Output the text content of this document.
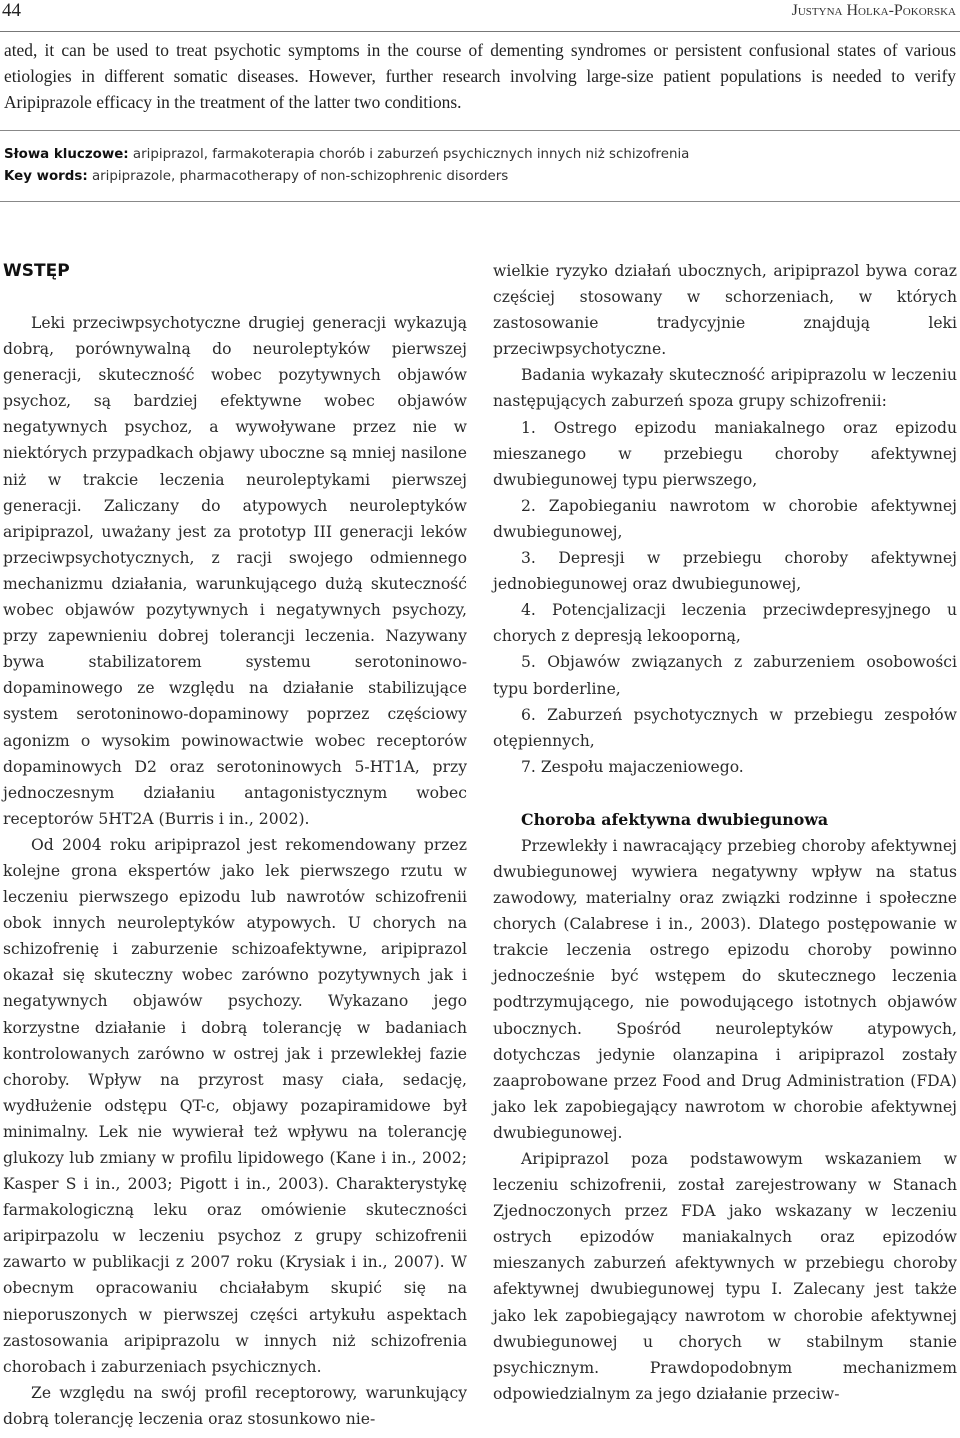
44	Justyna Holka-Pokorska
ated, it can be used to treat psychotic symptoms in the course of dementing syndromes or persistent confusional states of various etiologies in different somatic diseases. However, further research involving large-size patient populations is needed to verify Aripiprazole efficacy in the treatment of the latter two conditions.
Słowa kluczowe: aripiprazol, farmakoterapia chorób i zaburzeń psychicznych innych niż schizofrenia
Key words: aripiprazole, pharmacotherapy of non-schizophrenic disorders
WSTĘP

Leki przeciwpsychotyczne drugiej generacji wykazują dobrą, porównywalną do neuroleptyków pierwszej generacji, skuteczność wobec pozytywnych objawów psychoz, są bardziej efektywne wobec objawów negatywnych psychoz, a wywoływane przez nie w niektórych przypadkach objawy uboczne są mniej nasilone niż w trakcie leczenia neuroleptykami pierwszej generacji. Zaliczany do atypowych neuroleptyków aripiprazol, uważany jest za prototyp III generacji leków przeciwpsychotycznych, z racji swojego odmiennego mechanizmu działania, warunkującego dużą skuteczność wobec objawów pozytywnych i negatywnych psychozy, przy zapewnieniu dobrej tolerancji leczenia. Nazywany bywa stabilizatorem systemu serotoninowo-dopaminowego ze względu na działanie stabilizujące system serotoninowo-dopaminowy poprzez częściowy agonizm o wysokim powinowactwie wobec receptorów dopaminowych D2 oraz serotoninowych 5-HT1A, przy jednoczesnym działaniu antagonistycznym wobec receptorów 5HT2A (Burris i in., 2002).

Od 2004 roku aripiprazol jest rekomendowany przez kolejne grona ekspertów jako lek pierwszego rzutu w leczeniu pierwszego epizodu lub nawrotów schizofrenii obok innych neuroleptyków atypowych. U chorych na schizofrenię i zaburzenie schizoafektywne, aripiprazol okazał się skuteczny wobec zarówno pozytywnych jak i negatywnych objawów psychozy. Wykazano jego korzystne działanie i dobrą tolerancję w badaniach kontrolowanych zarówno w ostrej jak i przewlekłej fazie choroby. Wpływ na przyrost masy ciała, sedację, wydłużenie odstępu QT-c, objawy pozapiramidowe był minimalny. Lek nie wywierał też wpływu na tolerancję glukozy lub zmiany w profilu lipidowego (Kane i in., 2002; Kasper S i in., 2003; Pigott i in., 2003). Charakterystykę farmakologiczną leku oraz omówienie skuteczności aripirpazolu w leczeniu psychoz z grupy schizofrenii zawarto w publikacji z 2007 roku (Krysiak i in., 2007). W obecnym opracowaniu chciałabym skupić się na nieporuszonych w pierwszej części artykułu aspektach zastosowania aripiprazolu w innych niż schizofrenia chorobach i zaburzeniach psychicznych.

Ze względu na swój profil receptorowy, warunkujący dobrą tolerancję leczenia oraz stosunkowo nie-

wielkie ryzyko działań ubocznych, aripiprazol bywa coraz częściej stosowany w schorzeniach, w których zastosowanie tradycyjnie znajdują leki przeciwpsychotyczne.

Badania wykazały skuteczność aripiprazolu w leczeniu następujących zaburzeń spoza grupy schizofrenii:

1. Ostrego epizodu maniakalnego oraz epizodu mieszanego w przebiegu choroby afektywnej dwubiegunowej typu pierwszego,
2. Zapobieganiu nawrotom w chorobie afektywnej dwubiegunowej,
3. Depresji w przebiegu choroby afektywnej jednobiegunowej oraz dwubiegunowej,
4. Potencjalizacji leczenia przeciwdepresyjnego u chorych z depresją lekooporną,
5. Objawów związanych z zaburzeniem osobowości typu borderline,
6. Zaburzeń psychotycznych w przebiegu zespołów otępiennych,
7. Zespołu majaczeniowego.
Choroba afektywna dwubiegunowa

Przewlekły i nawracający przebieg choroby afektywnej dwubiegunowej wywiera negatywny wpływ na status zawodowy, materialny oraz związki rodzinne i społeczne chorych (Calabrese i in., 2003). Dlatego postępowanie w trakcie leczenia ostrego epizodu choroby powinno jednocześnie być wstępem do skutecznego leczenia podtrzymującego, nie powodującego istotnych objawów ubocznych. Spośród neuroleptyków atypowych, dotychczas jedynie olanzapina i aripiprazol zostały zaaprobowane przez Food and Drug Administration (FDA) jako lek zapobiegający nawrotom w chorobie afektywnej dwubiegunowej.

Aripiprazol poza podstawowym wskazaniem w leczeniu schizofrenii, został zarejestrowany w Stanach Zjednoczonych przez FDA jako wskazany w leczeniu ostrych epizodów maniakalnych oraz epizodów mieszanych zaburzeń afektywnych w przebiegu choroby afektywnej dwubiegunowej typu I. Zalecany jest także jako lek zapobiegający nawrotom w chorobie afektywnej dwubiegunowej u chorych w stabilnym stanie psychicznym. Prawdopodobnym mechanizmem odpowiedzialnym za jego działanie przeciw-
